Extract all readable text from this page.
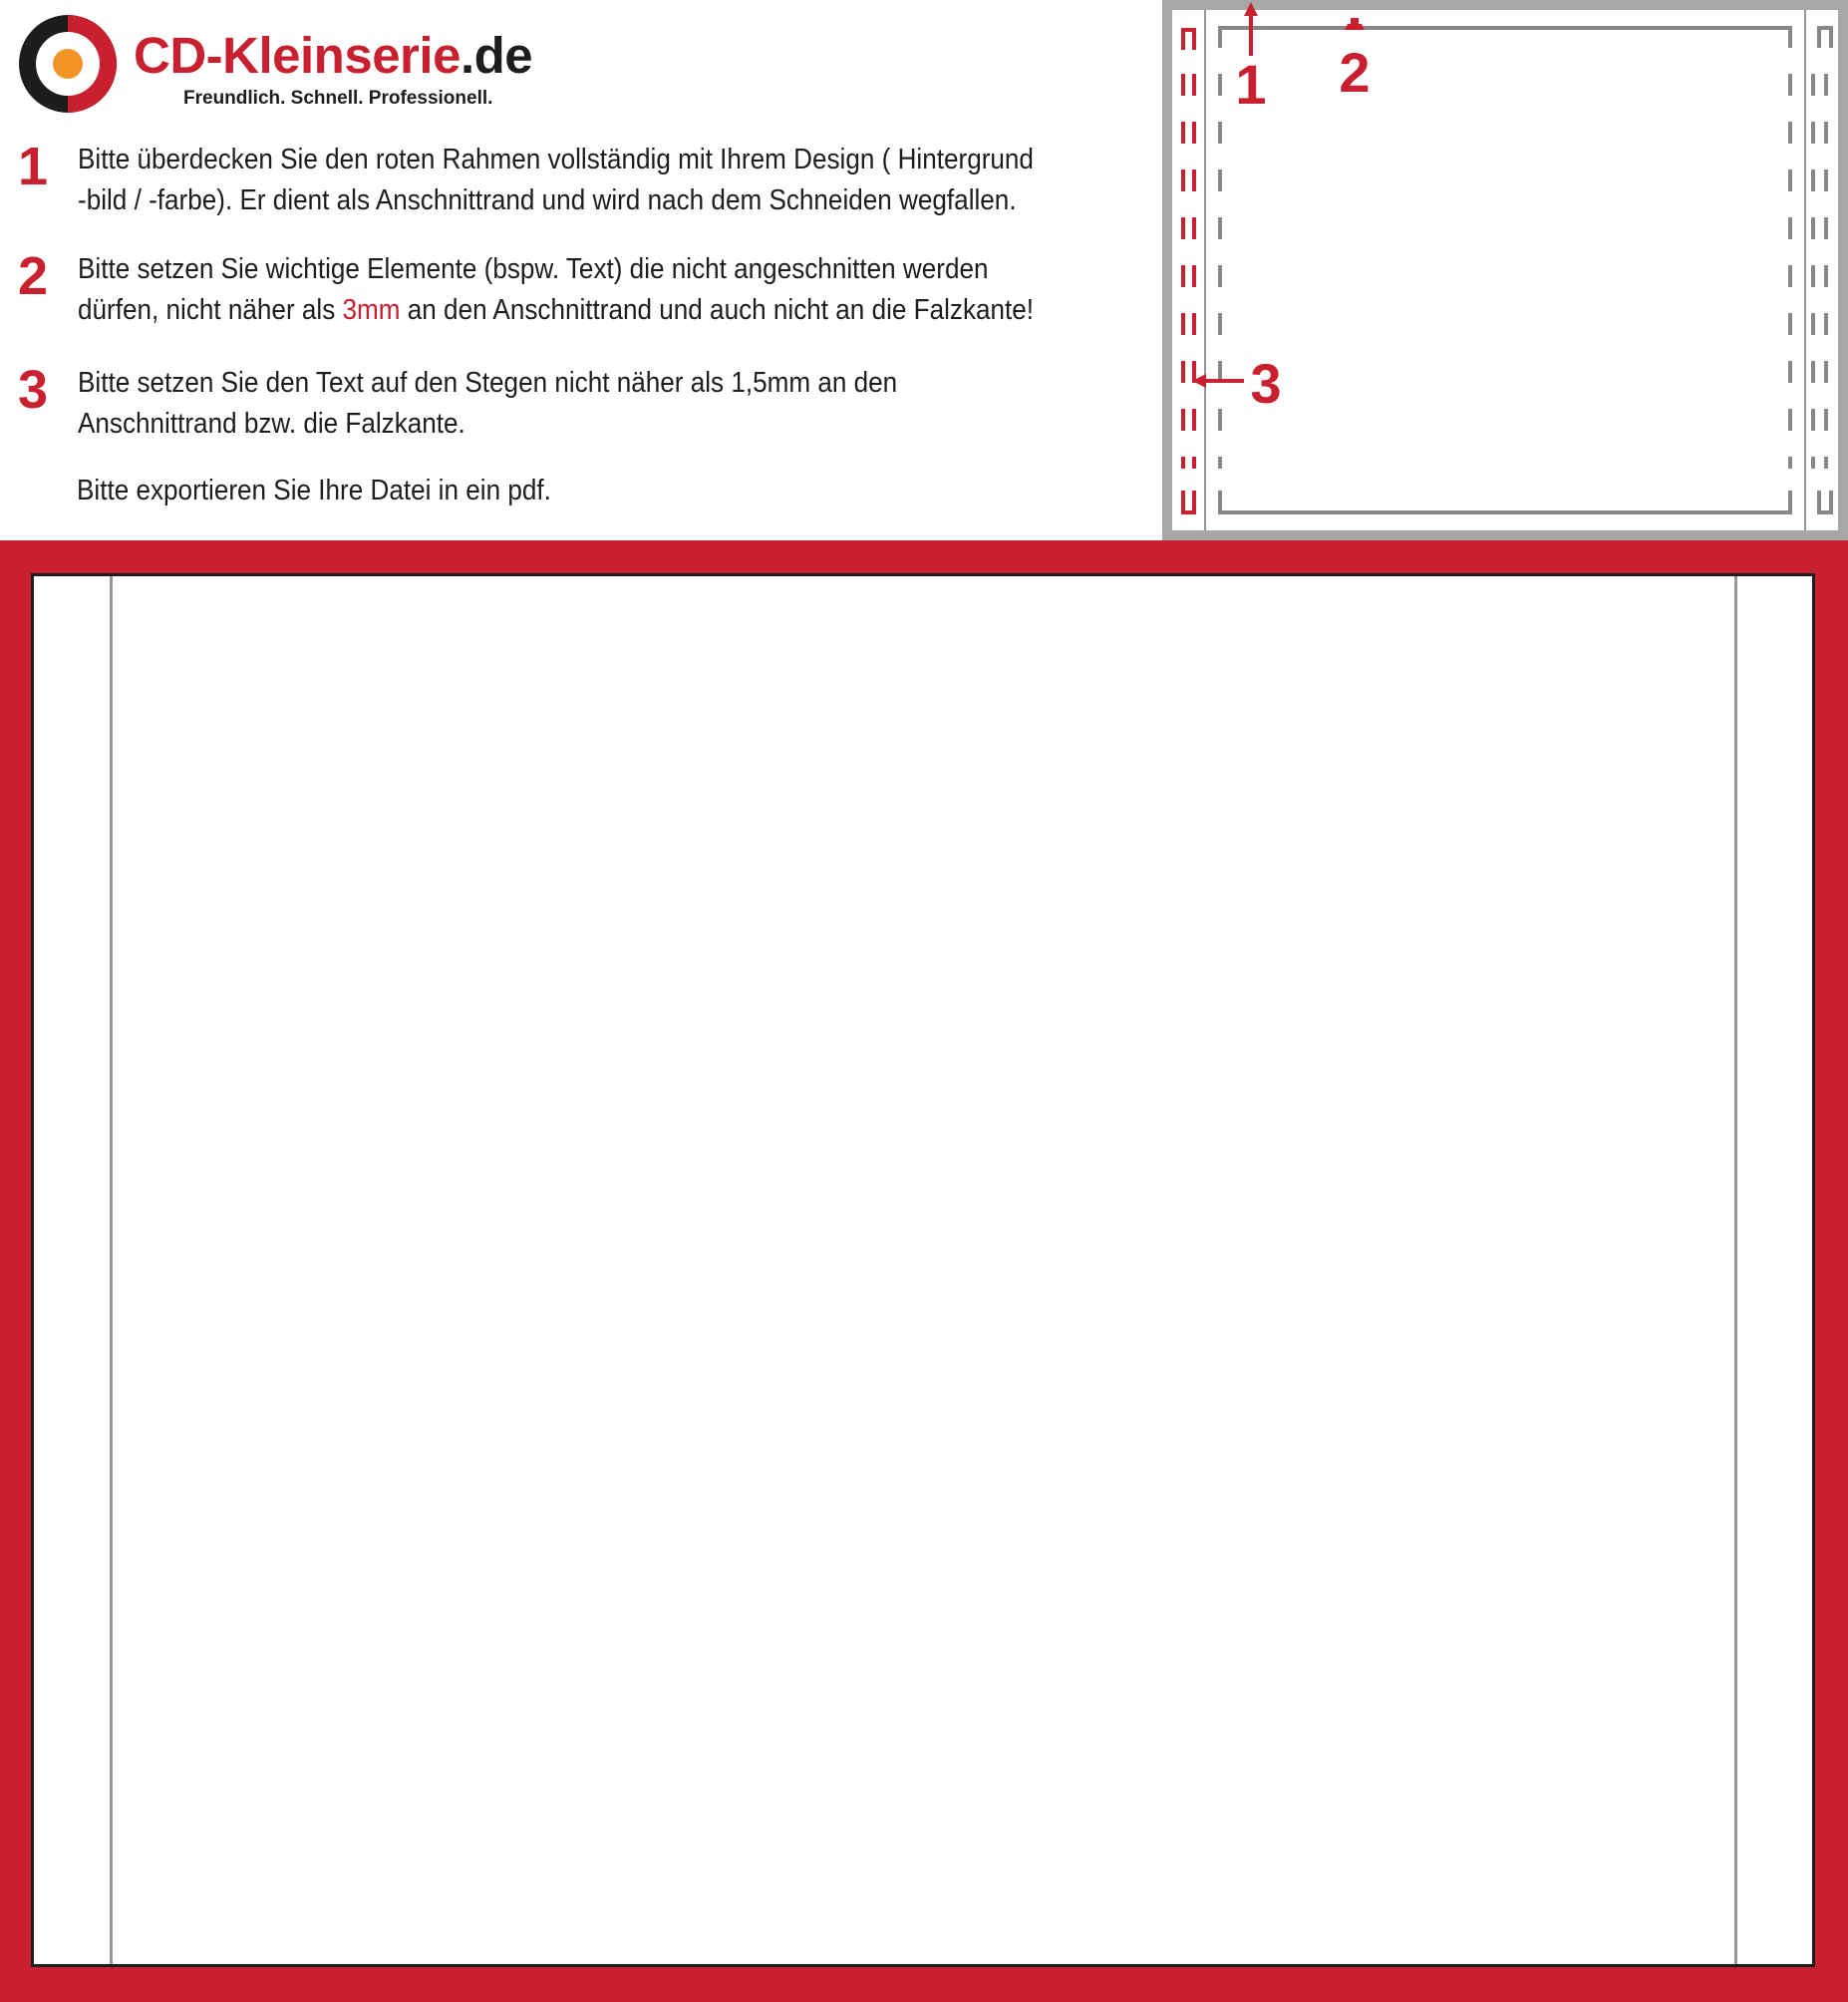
CD-Kleinserie.de
Freundlich. Schnell. Professionell.
1 Bitte überdecken Sie den roten Rahmen vollständig mit Ihrem Design ( Hintergrund
-bild / -farbe). Er dient als Anschnittrand und wird nach dem Schneiden wegfallen.
2 Bitte setzen Sie wichtige Elemente (bspw. Text) die nicht angeschnitten werden
dürfen, nicht näher als 3mm an den Anschnittrand und auch nicht an die Falzkante!
3 Bitte setzen Sie den Text auf den Stegen nicht näher als 1,5mm an den
Anschnittrand bzw. die Falzkante.
Bitte exportieren Sie Ihre Datei in ein pdf.
1 2
3
